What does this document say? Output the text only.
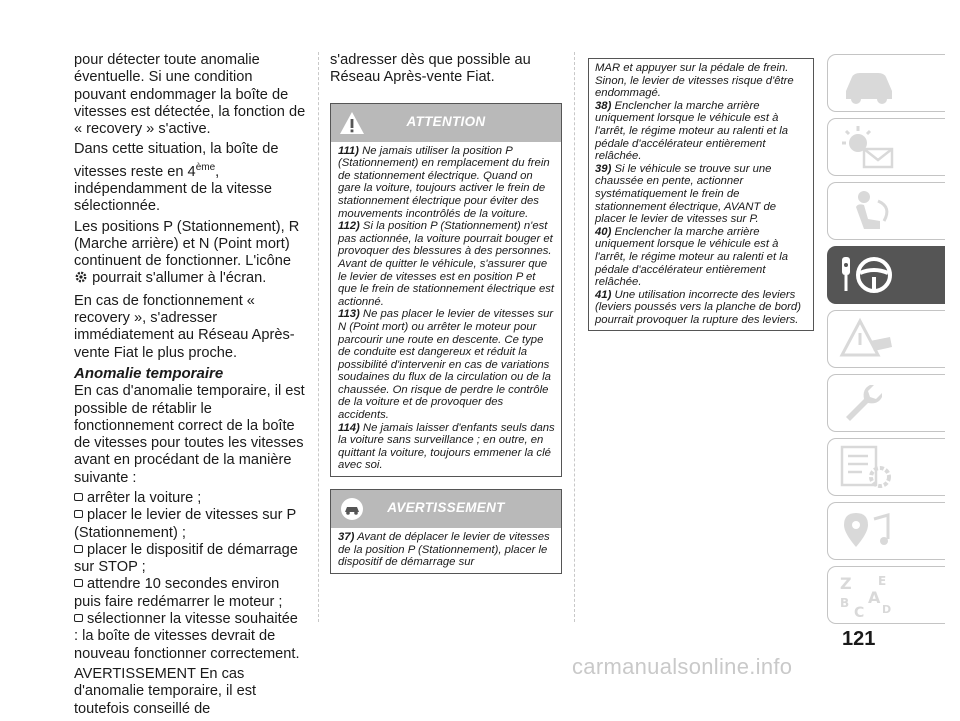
pour détecter toute anomalie éventuelle. Si une condition pouvant endommager la boîte de vitesses est détectée, la fonction de « recovery » s'active.

Dans cette situation, la boîte de vitesses reste en 4ème, indépendamment de la vitesse sélectionnée.

Les positions P (Stationnement), R (Marche arrière) et N (Point mort) continuent de fonctionner. L'icône  pourrait s'allumer à l'écran.

En cas de fonctionnement « recovery », s'adresser immédiatement au Réseau Après-vente Fiat le plus proche.

Anomalie temporaire

En cas d'anomalie temporaire, il est possible de rétablir le fonctionnement correct de la boîte de vitesses pour toutes les vitesses avant en procédant de la manière suivante :

arrêter la voiture ;
placer le levier de vitesses sur P (Stationnement) ;
placer le dispositif de démarrage sur STOP ;
attendre 10 secondes environ puis faire redémarrer le moteur ;
sélectionner la vitesse souhaitée : la boîte de vitesses devrait de nouveau fonctionner correctement.

AVERTISSEMENT En cas d'anomalie temporaire, il est toutefois conseillé de

s'adresser dès que possible au Réseau Après-vente Fiat.

ATTENTION

111) Ne jamais utiliser la position P (Stationnement) en remplacement du frein de stationnement électrique. Quand on gare la voiture, toujours activer le frein de stationnement électrique pour éviter des mouvements incontrôlés de la voiture.

112) Si la position P (Stationnement) n'est pas actionnée, la voiture pourrait bouger et provoquer des blessures à des personnes. Avant de quitter le véhicule, s'assurer que le levier de vitesses est en position P et que le frein de stationnement électrique est actionné.

113) Ne pas placer le levier de vitesses sur N (Point mort) ou arrêter le moteur pour parcourir une route en descente. Ce type de conduite est dangereux et réduit la possibilité d'intervenir en cas de variations soudaines du flux de la circulation ou de la chaussée. On risque de perdre le contrôle de la voiture et de provoquer des accidents.

114) Ne jamais laisser d'enfants seuls dans la voiture sans surveillance ; en outre, en quittant la voiture, toujours emmener la clé avec soi.

AVERTISSEMENT

37) Avant de déplacer le levier de vitesses de la position P (Stationnement), placer le dispositif de démarrage sur

MAR et appuyer sur la pédale de frein. Sinon, le levier de vitesses risque d'être endommagé.

38) Enclencher la marche arrière uniquement lorsque le véhicule est à l'arrêt, le régime moteur au ralenti et la pédale d'accélérateur entièrement relâchée.

39) Si le véhicule se trouve sur une chaussée en pente, actionner systématiquement le frein de stationnement électrique, AVANT de placer le levier de vitesses sur P.

40) Enclencher la marche arrière uniquement lorsque le véhicule est à l'arrêt, le régime moteur au ralenti et la pédale d'accélérateur entièrement relâchée.

41) Une utilisation incorrecte des leviers (leviers poussés vers la planche de bord) pourrait provoquer la rupture des leviers.

Z E
B A
C D
121
carmanualsonline.info
